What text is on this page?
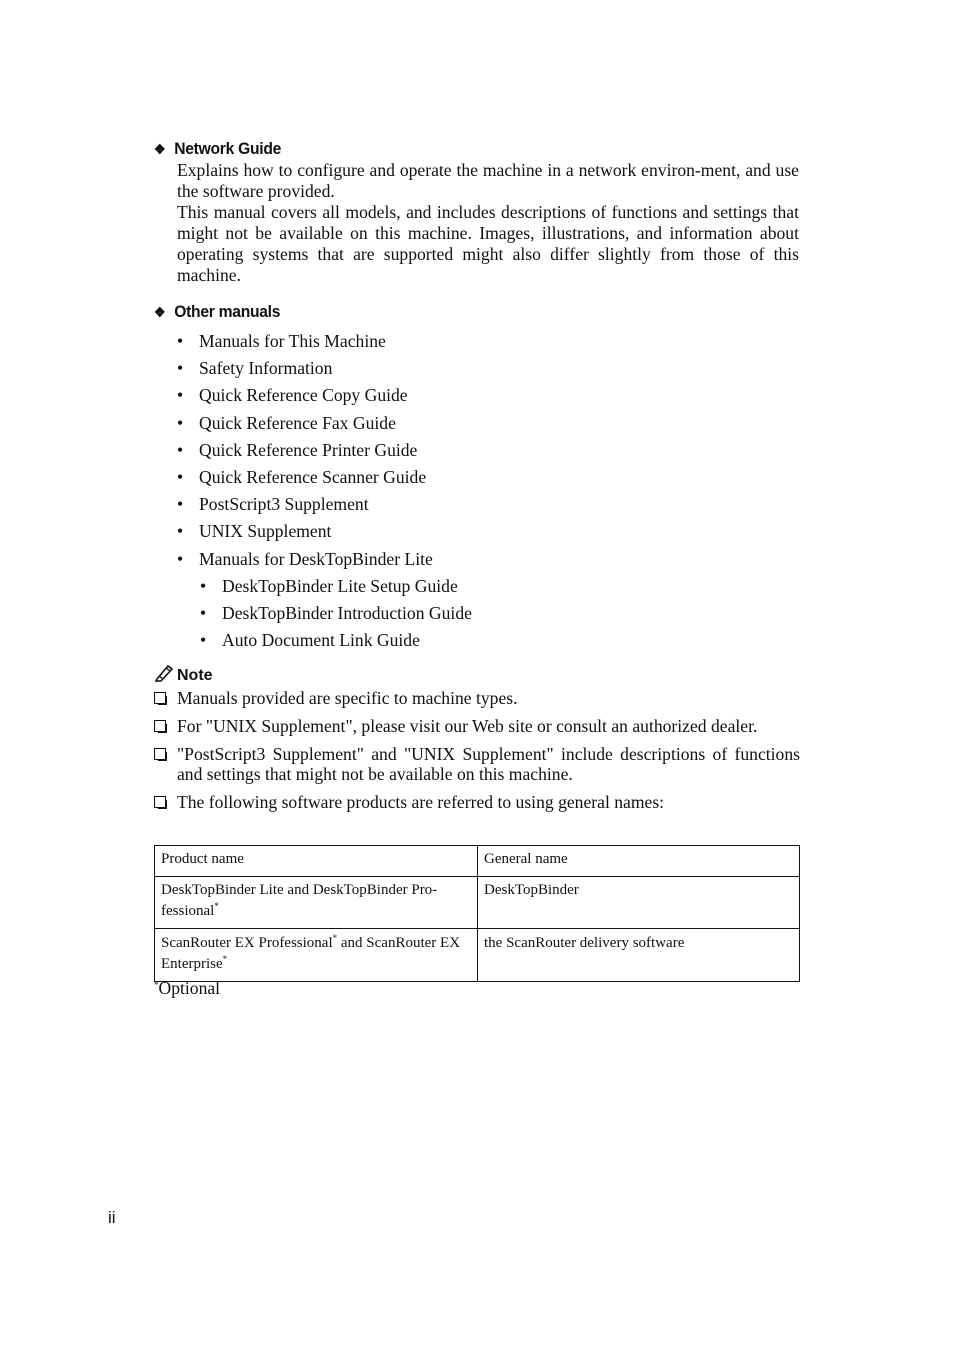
❖ Network Guide

Explains how to configure and operate the machine in a network environ-ment, and use the software provided.
This manual covers all models, and includes descriptions of functions and settings that might not be available on this machine. Images, illustrations, and information about operating systems that are supported might also differ slightly from those of this machine.

❖ Other manuals
• Manuals for This Machine
• Safety Information
• Quick Reference Copy Guide
• Quick Reference Fax Guide
• Quick Reference Printer Guide
• Quick Reference Scanner Guide
• PostScript3 Supplement
• UNIX Supplement
• Manuals for DeskTopBinder Lite
• DeskTopBinder Lite Setup Guide
• DeskTopBinder Introduction Guide
• Auto Document Link Guide
Note
Manuals provided are specific to machine types.
For "UNIX Supplement", please visit our Web site or consult an authorized dealer.
"PostScript3 Supplement" and "UNIX Supplement" include descriptions of functions and settings that might not be available on this machine.
The following software products are referred to using general names:
Product name	General name
DeskTopBinder Lite and DeskTopBinder Pro-fessional*	DeskTopBinder
ScanRouter EX Professional* and ScanRouter EX Enterprise*	the ScanRouter delivery software
*Optional
ii
